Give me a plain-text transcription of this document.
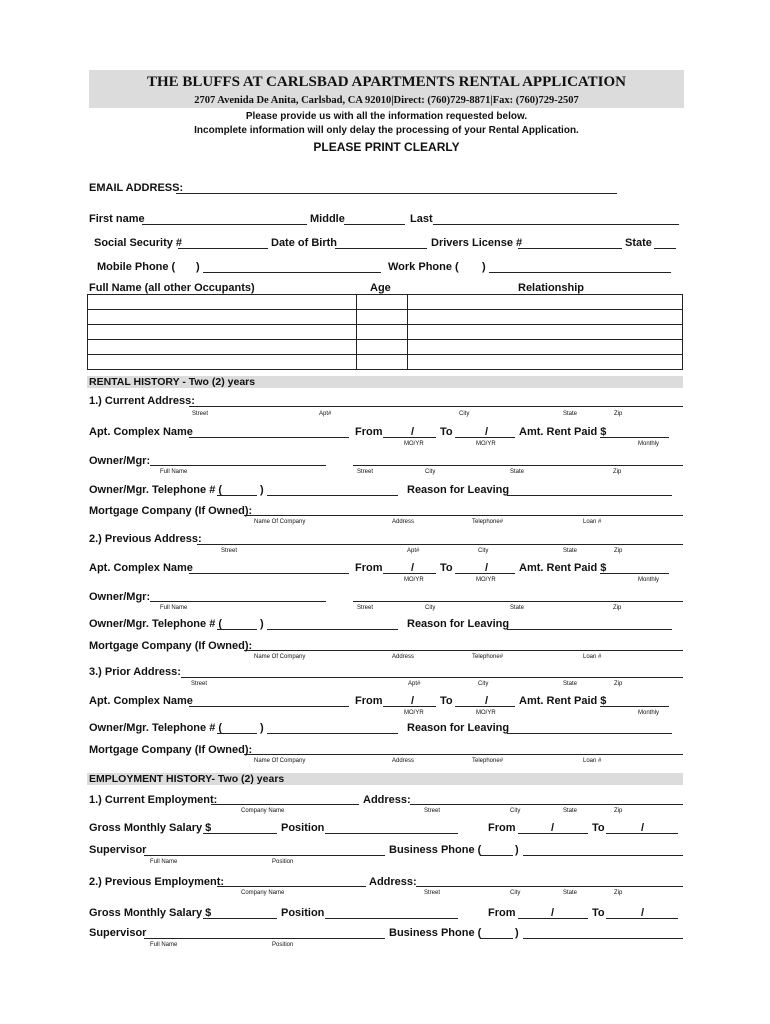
THE BLUFFS AT CARLSBAD APARTMENTS RENTAL APPLICATION
2707 Avenida De Anita, Carlsbad, CA 92010|Direct: (760)729-8871|Fax: (760)729-2507
Please provide us with all the information requested below.
Incomplete information will only delay the processing of your Rental Application.
PLEASE PRINT CLEARLY
EMAIL ADDRESS:
First name	Middle	Last
Social Security #	Date of Birth	Drivers License #	State
Mobile Phone ( )	Work Phone ( )
Full Name (all other Occupants)	Age	Relationship

RENTAL HISTORY - Two (2) years
1.) Current Address:
Street	Apt#	City	State	Zip
Apt. Complex Name	From	/ To	/	Amt. Rent Paid $
MO/YR	MO/YR	Monthly
Owner/Mgr:
Full Name	Street	City	State	Zip
Owner/Mgr. Telephone # (	)	Reason for Leaving
Mortgage Company (If Owned):
Name Of Company	Address	Telephone#	Loan #
2.) Previous Address:
Street	Apt#	City	State	Zip
Apt. Complex Name	From	/ To	/	Amt. Rent Paid $
MO/YR	MO/YR	Monthly
Owner/Mgr:
Full Name	Street	City	State	Zip
Owner/Mgr. Telephone # (	)	Reason for Leaving
Mortgage Company (If Owned):
Name Of Company	Address	Telephone#	Loan #
3.) Prior Address:
Street	Apt#	City	State	Zip
Apt. Complex Name	From	/ To	/	Amt. Rent Paid $
MO/YR	MO/YR	Monthly
Owner/Mgr. Telephone # (	)	Reason for Leaving
Mortgage Company (If Owned):
Name Of Company	Address	Telephone#	Loan #
EMPLOYMENT HISTORY- Two (2) years
1.) Current Employment:	Address:
Company Name	Street	City	State	Zip
Gross Monthly Salary $	Position	From	/	To	/
Supervisor	Business Phone (	)
Full Name	Position
2.) Previous Employment:	Address:
Company Name	Street	City	State	Zip
Gross Monthly Salary $	Position	From	/	To	/
Supervisor	Business Phone (	)
Full Name	Position
